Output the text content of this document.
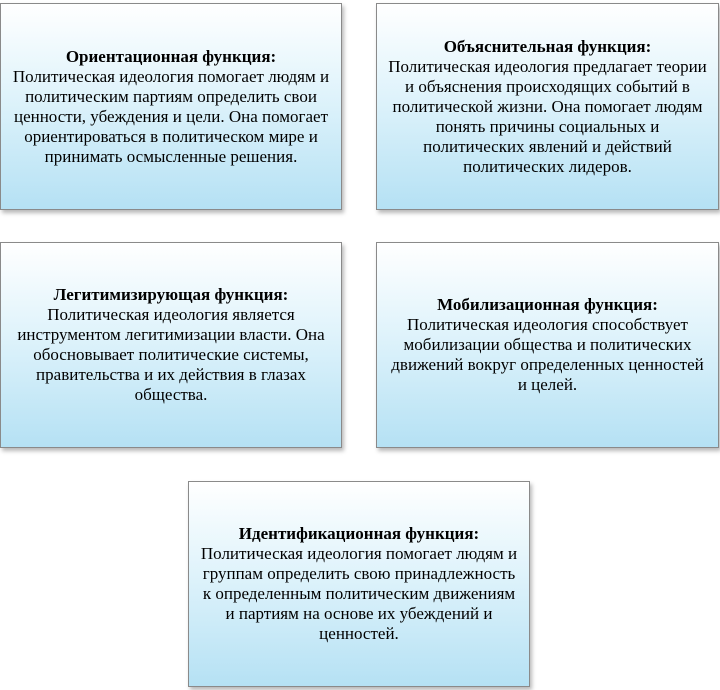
Ориентационная функция:
Политическая идеология помогает людям и политическим партиям определить свои ценности, убеждения и цели. Она помогает ориентироваться в политическом мире и принимать осмысленные решения.
Объяснительная функция:
Политическая идеология предлагает теории и объяснения происходящих событий в политической жизни. Она помогает людям понять причины социальных и политических явлений и действий политических лидеров.
Легитимизирующая функция:
Политическая идеология является инструментом легитимизации власти. Она обосновывает политические системы, правительства и их действия в глазах общества.
Мобилизационная функция:
Политическая идеология способствует мобилизации общества и политических движений вокруг определенных ценностей и целей.
Идентификационная функция:
Политическая идеология помогает людям и группам определить свою принадлежность к определенным политическим движениям и партиям на основе их убеждений и ценностей.
